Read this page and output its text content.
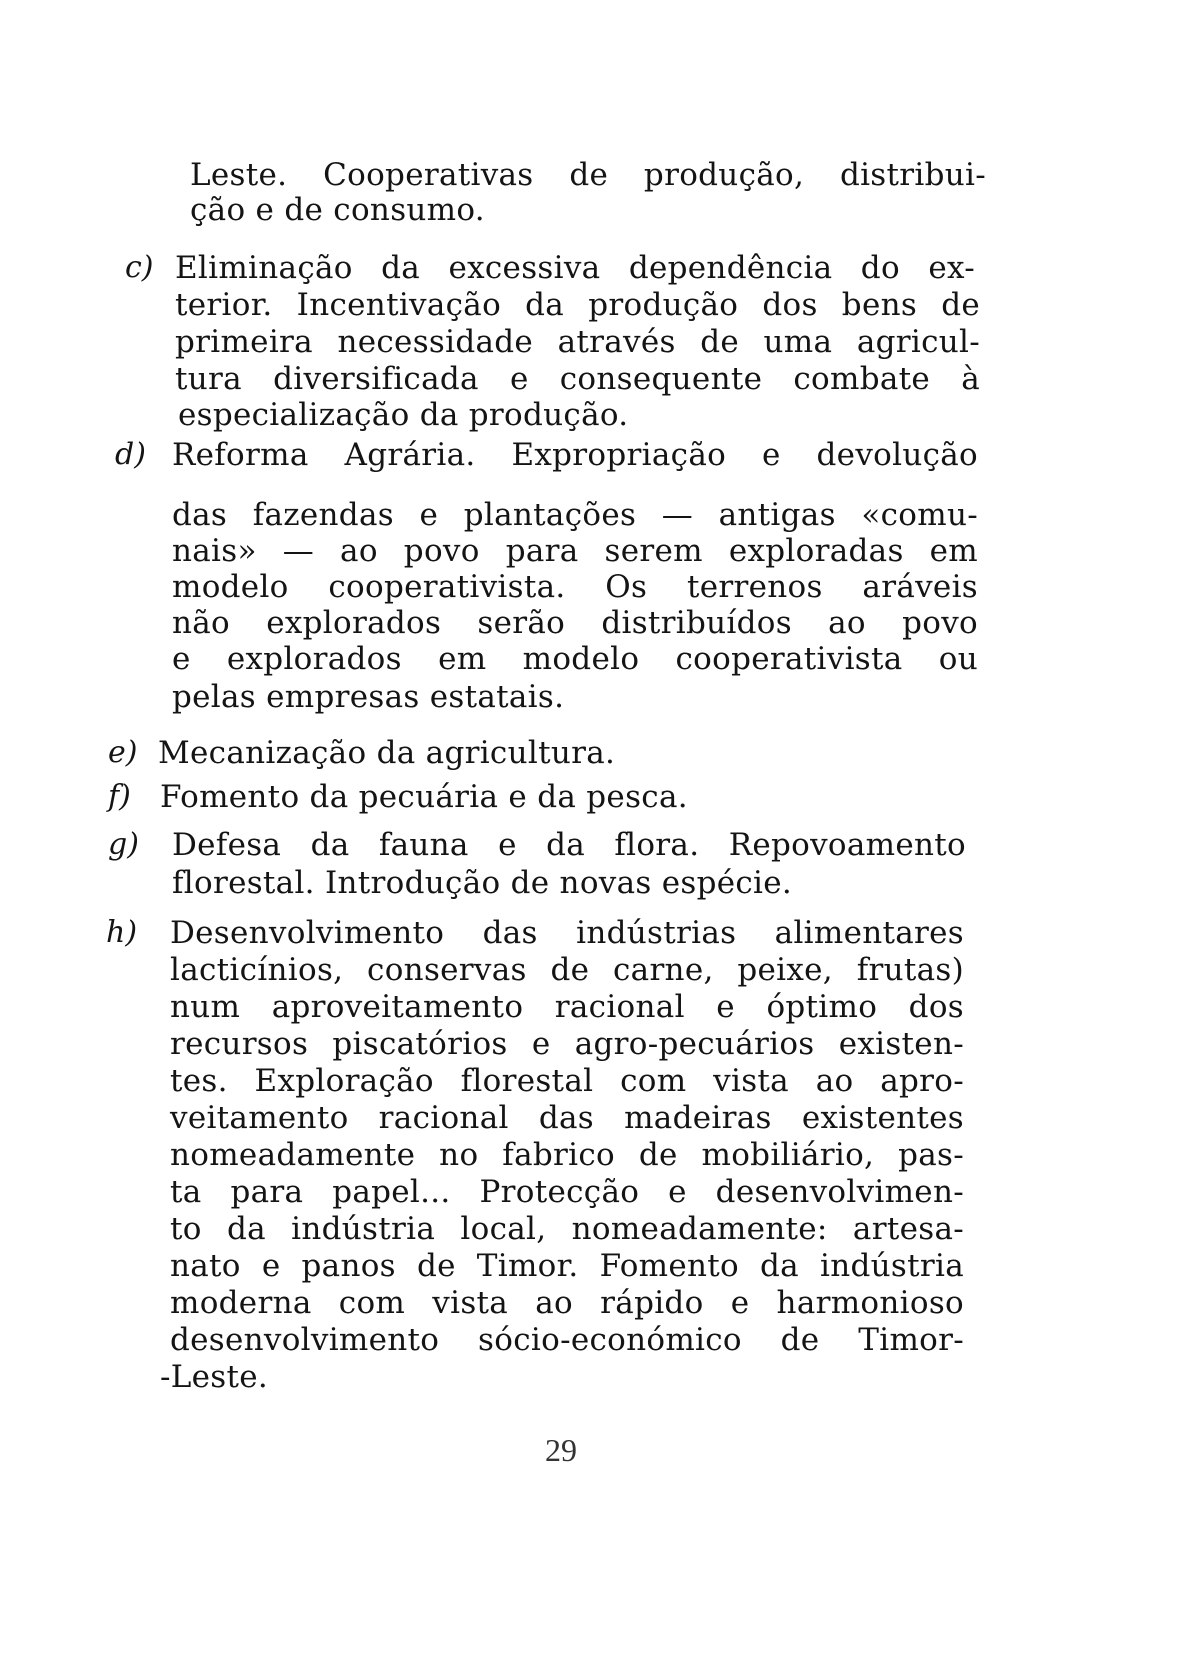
Leste. Cooperativas de produção, distribui-
ção e de consumo.
c) Eliminação da excessiva dependência do ex-
terior. Incentivação da produção dos bens de
primeira necessidade através de uma agricul-
tura diversificada e consequente combate à
especialização da produção.
d) Reforma Agrária. Expropriação e devolução
das fazendas e plantações — antigas «comu-
nais» — ao povo para serem exploradas em
modelo cooperativista. Os terrenos aráveis
não explorados serão distribuídos ao povo
e explorados em modelo cooperativista ou
pelas empresas estatais.
e) Mecanização da agricultura.
f) Fomento da pecuária e da pesca.
g) Defesa da fauna e da flora. Repovoamento
florestal. Introdução de novas espécie.
h) Desenvolvimento das indústrias alimentares
lacticínios, conservas de carne, peixe, frutas)
num aproveitamento racional e óptimo dos
recursos piscatórios e agro-pecuários existen-
tes. Exploração florestal com vista ao apro-
veitamento racional das madeiras existentes
nomeadamente no fabrico de mobiliário, pas-
ta para papel... Protecção e desenvolvimen-
to da indústria local, nomeadamente: artesa-
nato e panos de Timor. Fomento da indústria
moderna com vista ao rápido e harmonioso
desenvolvimento sócio-económico de Timor-
-Leste.
29
